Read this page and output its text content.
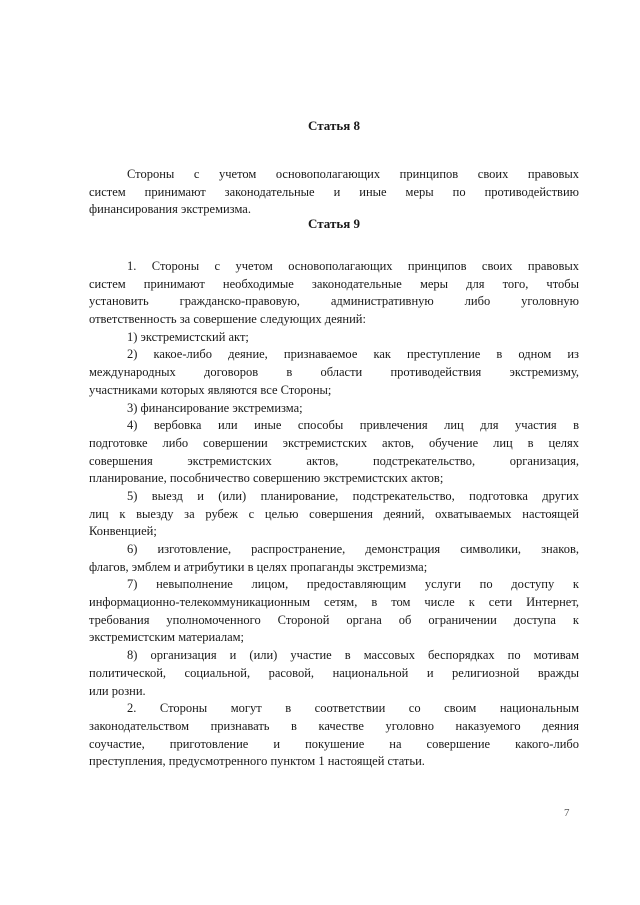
Статья 8
Стороны с учетом основополагающих принципов своих правовых
систем принимают законодательные и иные меры по противодействию
финансирования экстремизма.
Статья 9
1. Стороны с учетом основополагающих принципов своих правовых
систем принимают необходимые законодательные меры для того, чтобы
установить гражданско-правовую, административную либо уголовную
ответственность за совершение следующих деяний:
1) экстремистский акт;
2) какое-либо деяние, признаваемое как преступление в одном из
международных договоров в области противодействия экстремизму,
участниками которых являются все Стороны;
3) финансирование экстремизма;
4) вербовка или иные способы привлечения лиц для участия в
подготовке либо совершении экстремистских актов, обучение лиц в целях
совершения экстремистских актов, подстрекательство, организация,
планирование, пособничество совершению экстремистских актов;
5) выезд и (или) планирование, подстрекательство, подготовка других
лиц к выезду за рубеж с целью совершения деяний, охватываемых настоящей
Конвенцией;
6) изготовление, распространение, демонстрация символики, знаков,
флагов, эмблем и атрибутики в целях пропаганды экстремизма;
7) невыполнение лицом, предоставляющим услуги по доступу к
информационно-телекоммуникационным сетям, в том числе к сети Интернет,
требования уполномоченного Стороной органа об ограничении доступа к
экстремистским материалам;
8) организация и (или) участие в массовых беспорядках по мотивам
политической, социальной, расовой, национальной и религиозной вражды
или розни.
2. Стороны могут в соответствии со своим национальным
законодательством признавать в качестве уголовно наказуемого деяния
соучастие, приготовление и покушение на совершение какого-либо
преступления, предусмотренного пунктом 1 настоящей статьи.
7
